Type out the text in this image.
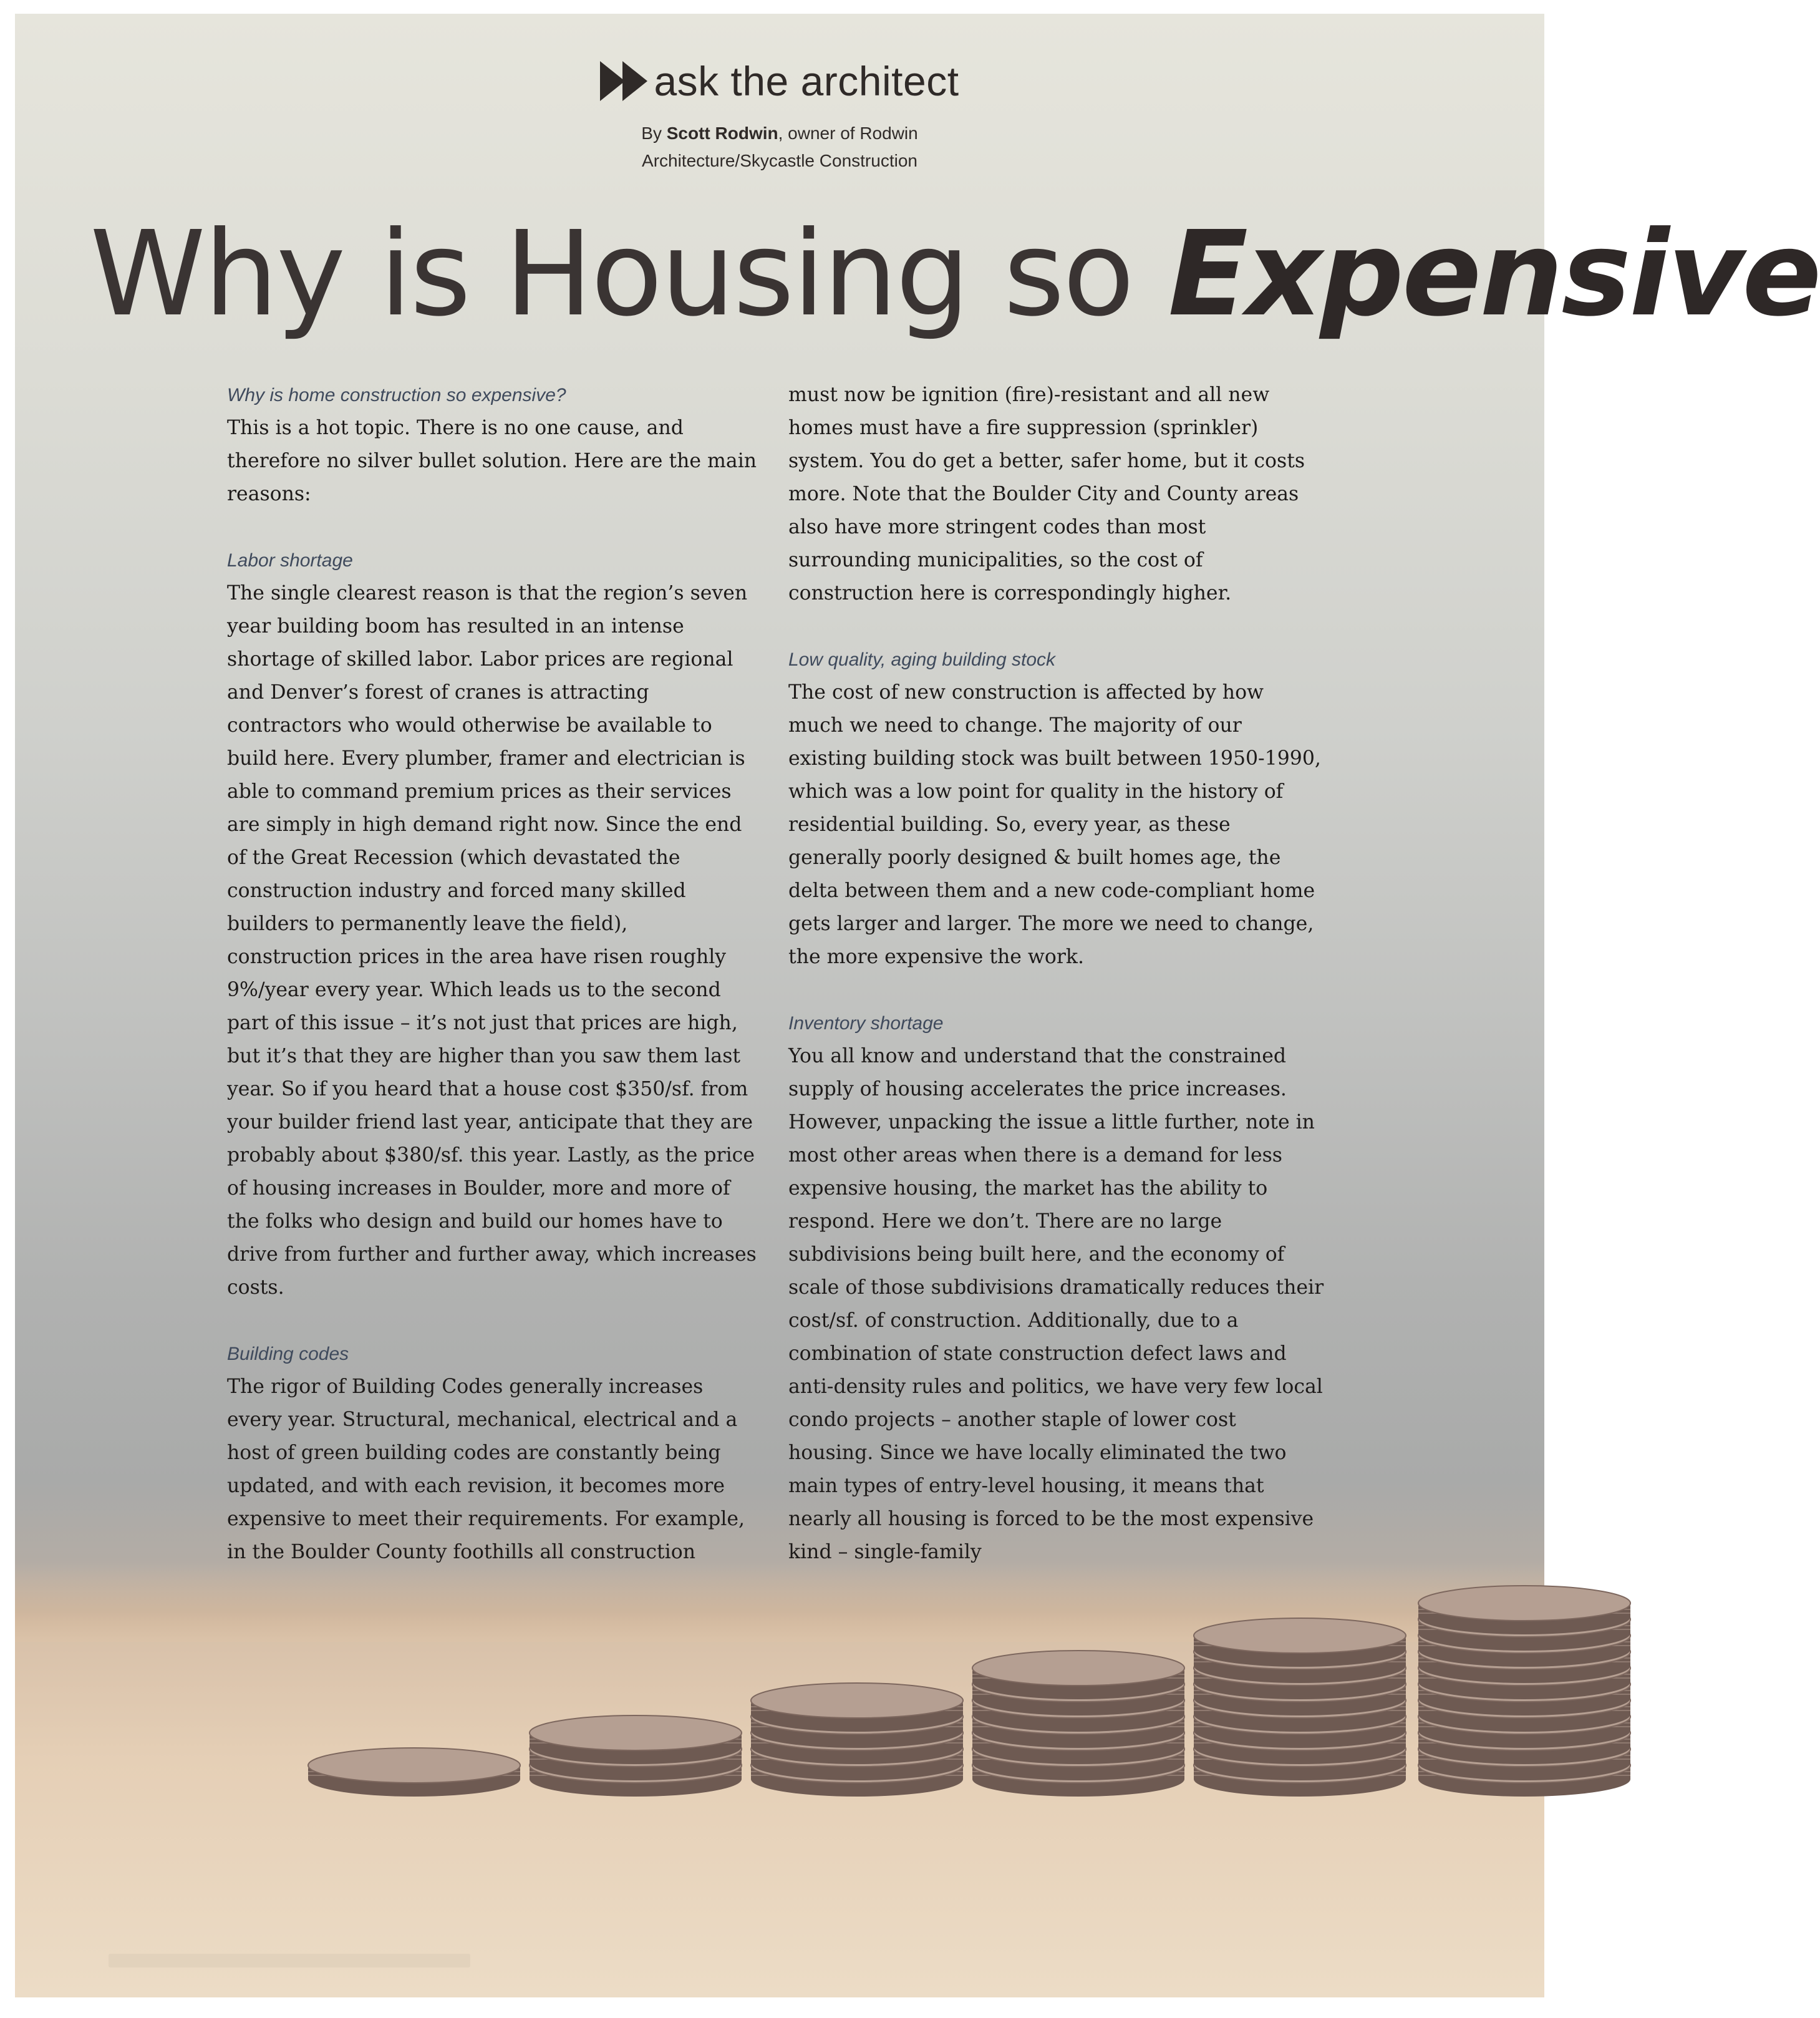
ask the architect
By Scott Rodwin, owner of Rodwin
Architecture/Skycastle Construction
Why is Housing so Expensive

Why is home construction so expensive?

This is a hot topic. There is no one cause, and therefore no silver bullet solution. Here are the main reasons:

Labor shortage

The single clearest reason is that the region’s seven year building boom has resulted in an intense shortage of skilled labor. Labor prices are regional and Denver’s forest of cranes is attracting contractors who would otherwise be available to build here. Every plumber, framer and electrician is able to command premium prices as their services are simply in high demand right now. Since the end of the Great Recession (which devastated the construction industry and forced many skilled builders to permanently leave the field), construction prices in the area have risen roughly 9%/year every year. Which leads us to the second part of this issue – it’s not just that prices are high, but it’s that they are higher than you saw them last year. So if you heard that a house cost $350/sf. from your builder friend last year, anticipate that they are probably about $380/sf. this year. Lastly, as the price of housing increases in Boulder, more and more of the folks who design and build our homes have to drive from further and further away, which increases costs.

Building codes

The rigor of Building Codes generally increases every year. Structural, mechanical, electrical and a host of green building codes are constantly being updated, and with each revision, it becomes more expensive to meet their requirements. For example, in the Boulder County foothills all construction

must now be ignition (fire)-resistant and all new homes must have a fire suppression (sprinkler) system. You do get a better, safer home, but it costs more. Note that the Boulder City and County areas also have more stringent codes than most surrounding municipalities, so the cost of construction here is correspondingly higher.

Low quality, aging building stock

The cost of new construction is affected by how much we need to change. The majority of our existing building stock was built between 1950-1990, which was a low point for quality in the history of residential building. So, every year, as these generally poorly designed & built homes age, the delta between them and a new code-compliant home gets larger and larger. The more we need to change, the more expensive the work.

Inventory shortage

You all know and understand that the constrained supply of housing accelerates the price increases. However, unpacking the issue a little further, note in most other areas when there is a demand for less expensive housing, the market has the ability to respond. Here we don’t. There are no large subdivisions being built here, and the economy of scale of those subdivisions dramatically reduces their cost/sf. of construction. Additionally, due to a combination of state construction defect laws and anti-density rules and politics, we have very few local condo projects – another staple of lower cost housing. Since we have locally eliminated the two main types of entry-level housing, it means that nearly all housing is forced to be the most expensive kind – single-family
